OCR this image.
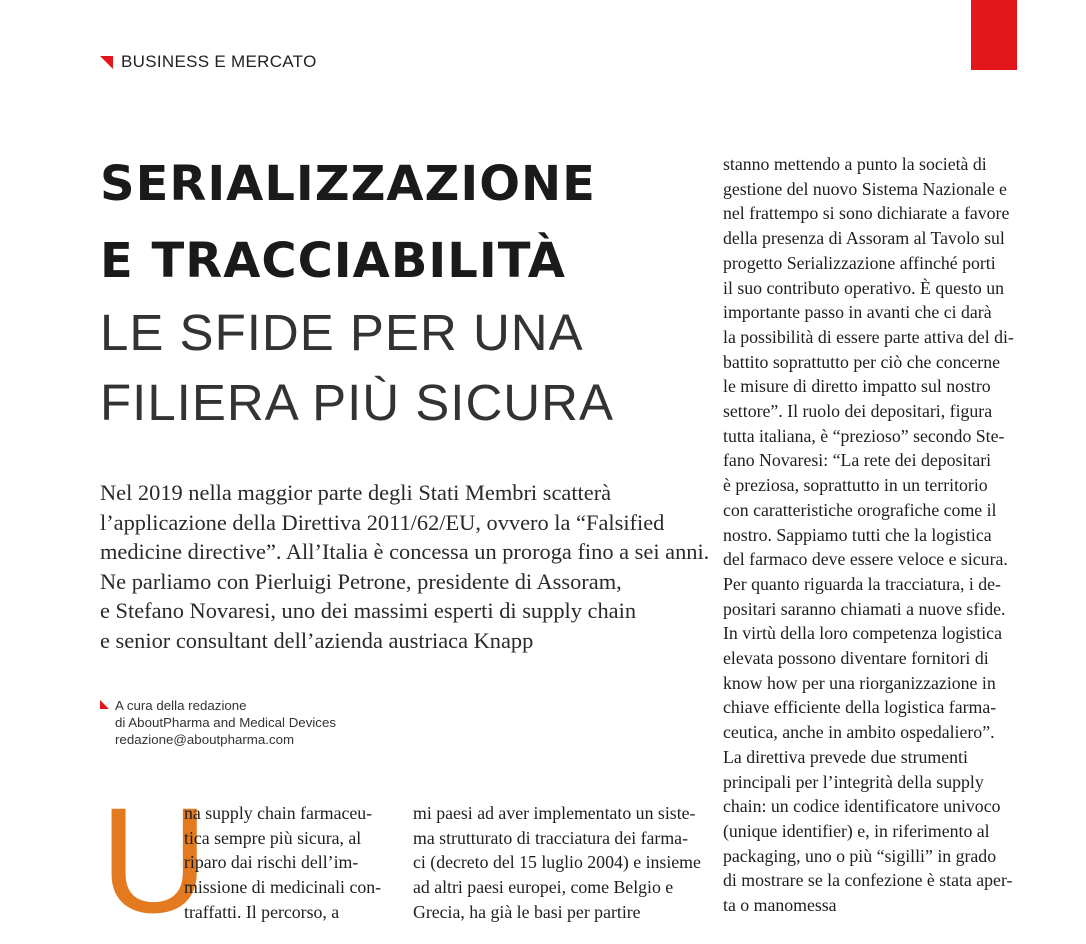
BUSINESS E MERCATO
SERIALIZZAZIONE
E TRACCIABILITÀ
LE SFIDE PER UNA
FILIERA PIÙ SICURA
Nel 2019 nella maggior parte degli Stati Membri scatterà
l’applicazione della Direttiva 2011/62/EU, ovvero la “Falsified
medicine directive”. All’Italia è concessa un proroga fino a sei anni.
Ne parliamo con Pierluigi Petrone, presidente di Assoram,
e Stefano Novaresi, uno dei massimi esperti di supply chain
e senior consultant dell’azienda austriaca Knapp
A cura della redazione
di AboutPharma and Medical Devices
redazione@aboutpharma.com
U
na supply chain farmaceu-
tica sempre più sicura, al
riparo dai rischi dell’im-
missione di medicinali con-
traffatti. Il percorso, a
mi paesi ad aver implementato un siste-
ma strutturato di tracciatura dei farma-
ci (decreto del 15 luglio 2004) e insieme
ad altri paesi europei, come Belgio e
Grecia, ha già le basi per partire
stanno mettendo a punto la società di
gestione del nuovo Sistema Nazionale e
nel frattempo si sono dichiarate a favore
della presenza di Assoram al Tavolo sul
progetto Serializzazione affinché porti
il suo contributo operativo. È questo un
importante passo in avanti che ci darà
la possibilità di essere parte attiva del di-
battito soprattutto per ciò che concerne
le misure di diretto impatto sul nostro
settore”. Il ruolo dei depositari, figura
tutta italiana, è “prezioso” secondo Ste-
fano Novaresi: “La rete dei depositari
è preziosa, soprattutto in un territorio
con caratteristiche orografiche come il
nostro. Sappiamo tutti che la logistica
del farmaco deve essere veloce e sicura.
Per quanto riguarda la tracciatura, i de-
positari saranno chiamati a nuove sfide.
In virtù della loro competenza logistica
elevata possono diventare fornitori di
know how per una riorganizzazione in
chiave efficiente della logistica farma-
ceutica, anche in ambito ospedaliero”.
La direttiva prevede due strumenti
principali per l’integrità della supply
chain: un codice identificatore univoco
(unique identifier) e, in riferimento al
packaging, uno o più “sigilli” in grado
di mostrare se la confezione è stata aper-
ta o manomessa
